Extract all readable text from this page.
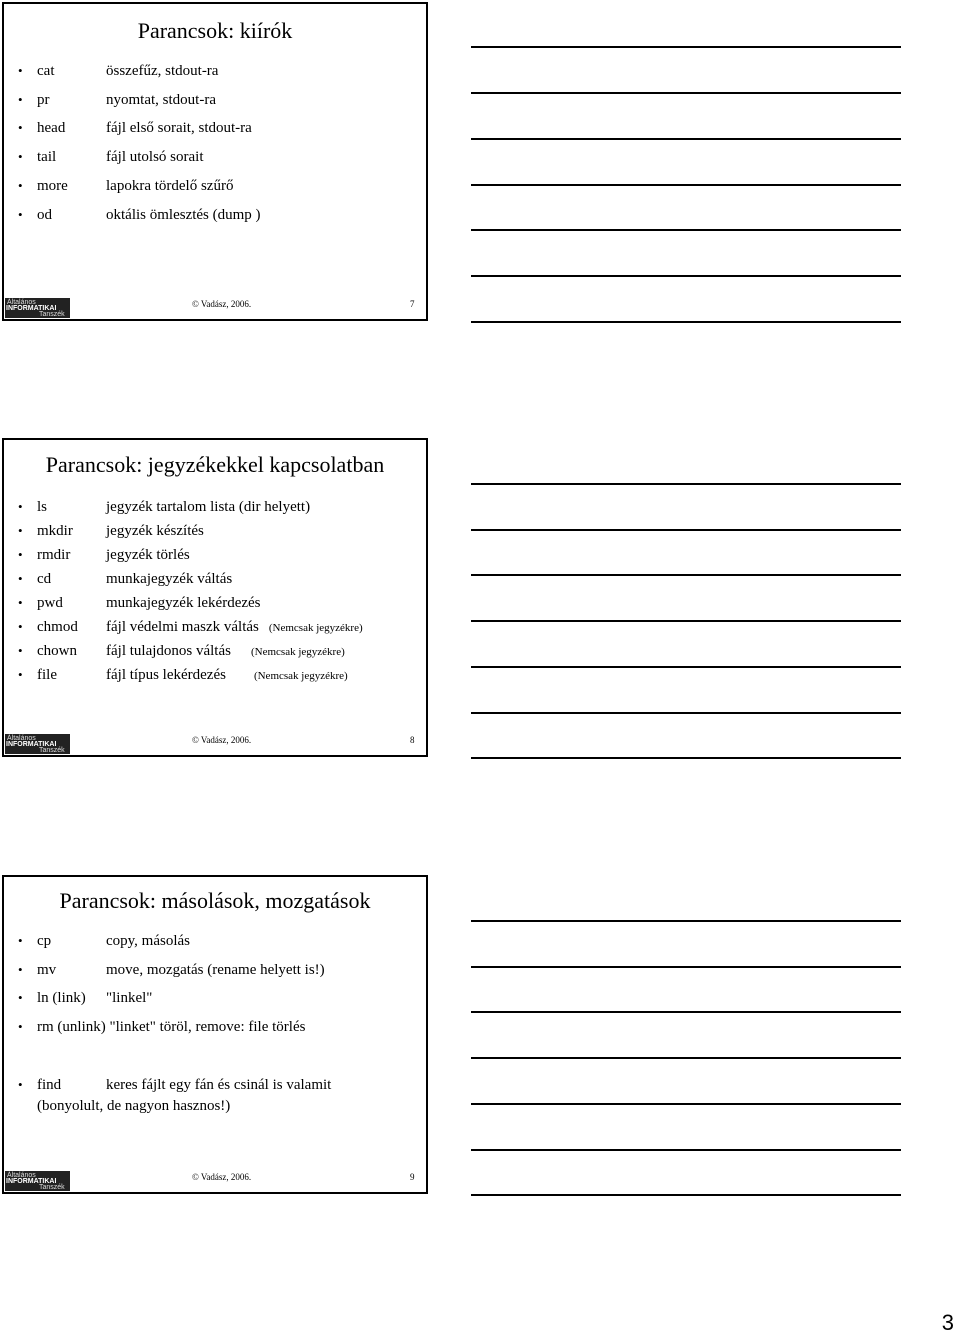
Parancsok: kiírók
• cat	összefűz, stdout-ra
• pr	nyomtat, stdout-ra
• head	fájl első sorait, stdout-ra
• tail	fájl utolsó sorait
• more	lapokra tördelő szűrő
• od	oktális ömlesztés (dump )
Általános
INFORMATIKAI
Tanszék
© Vadász, 2006.	7
Parancsok: jegyzékekkel kapcsolatban
• ls	jegyzék tartalom lista (dir helyett)
• mkdir jegyzék készítés
• rmdir jegyzék törlés
• cd	munkajegyzék váltás
• pwd	munkajegyzék lekérdezés
• chmod fájl védelmi maszk váltás (Nemcsak jegyzékre)
• chown fájl tulajdonos váltás (Nemcsak jegyzékre)
• file	fájl típus lekérdezés	(Nemcsak jegyzékre)
Általános
INFORMATIKAI
Tanszék
© Vadász, 2006.	8
Parancsok: másolások, mozgatások
• cp	copy, másolás
• mv	move, mozgatás (rename helyett is!)
• ln (link) "linkel"
• rm (unlink) "linket" töröl, remove: file törlés
• find	keres fájlt egy fán és csinál is valamit
(bonyolult, de nagyon hasznos!)
Általános
INFORMATIKAI
Tanszék
© Vadász, 2006.	9
3
